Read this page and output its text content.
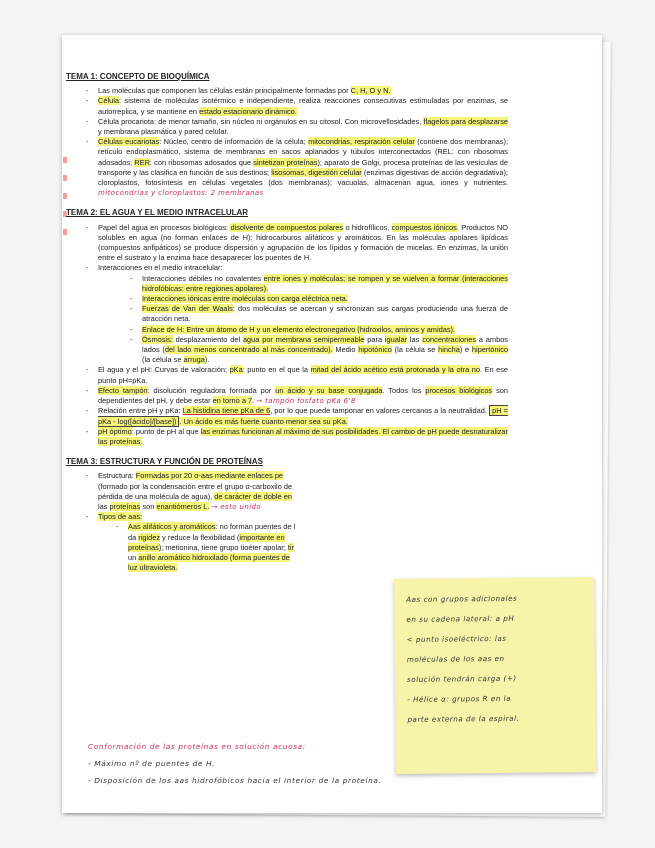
TEMA 1: CONCEPTO DE BIOQUÍMICA
- Las moléculas que componen las células están principalmente formadas por C, H, O y N.
- Célula: sistema de moléculas isotérmico e independiente, realiza reacciones consecutivas estimuladas por enzimas, se autorreplica, y se mantiene en estado estacionario dinámico.
- Célula procariota: de menor tamaño, sin núcleo ni orgánulos en su citosol. Con microvellosidades, flagelos para desplazarse y membrana plasmática y pared celular.
- Células eucariotas: Núcleo, centro de información de la célula; mitocondrias, respiración celular (contiene dos membranas); retículo endoplasmático, sistema de membranas en sacos aplanados y túbulos interconectados (REL: con ribosomas adosados; RER: con ribosomas adosados que sintetizan proteínas); aparato de Golgi, procesa proteínas de las vesículas de transporte y las clasifica en función de sus destinos; lisosomas, digestión celular (enzimas digestivas de acción degradativa); cloroplastos, fotosíntesis en células vegetales (dos membranas); vacuolas, almacenan agua, iones y nutrientes. mitocondrias y cloroplastos: 2 membranas
TEMA 2: EL AGUA Y EL MEDIO INTRACELULAR
- Papel del agua en procesos biológicos: disolvente de compuestos polares o hidrofílicos, compuestos iónicos. Productos NO solubles en agua (no forman enlaces de H): hidrocarburos alifáticos y aromáticos. En las moléculas apolares lipídicas (compuestos anfipáticos) se produce dispersión y agrupación de los lípidos y formación de micelas. En enzimas, la unión entre el sustrato y la enzima hace desaparecer los puentes de H.
- Interacciones en el medio intracelular:
- Interacciones débiles no covalentes entre iones y moléculas; se rompen y se vuelven a formar (interacciones hidrofóbicas: entre regiones apolares).
- Interacciones iónicas entre moléculas con carga eléctrica neta.
- Fuerzas de Van der Waals: dos moléculas se acercan y sincronizan sus cargas produciendo una fuerza de atracción neta.
- Enlace de H: Entre un átomo de H y un elemento electronegativo (hidroxilos, aminos y amidas).
- Ósmosis: desplazamiento del agua por membrana semipermeable para igualar las concentraciones a ambos lados (del lado menos concentrado al más concentrado). Medio hipotónico (la célula se hincha) e hipertónico (la célula se arruga).
- El agua y el pH: Curvas de valoración; pKa: punto en el que la mitad del ácido acético está protonada y la otra no. En ese punto pH=pKa.
- Efecto tampón: disolución reguladora formada por un ácido y su base conjugada. Todos los procesos biológicos son dependientes del pH, y debe estar en torno a 7. → tampón fosfato pKa 6'8
- Relación entre pH y pKa: La histidina tiene pKa de 6, por lo que puede tamponar en valores cercanos a la neutralidad. pH = pKa - log([ácido]/[base]) . Un ácido es más fuerte cuanto menor sea su pKa.
- pH óptimo: punto de pH al que las enzimas funcionan al máximo de sus posibilidades. El cambio de pH puede desnaturalizar las proteínas.
TEMA 3: ESTRUCTURA Y FUNCIÓN DE PROTEÍNAS
- Estructura: Formadas por 20 α-aas mediante enlaces pe
(formado por la condensación entre el grupo α-carboxilo de
pérdida de una molécula de agua), de carácter de doble en
las proteínas son enantiómeros L. → esto unido
- Tipos de aas:
- Aas alifáticos y aromáticos: no forman puentes de l
da rigidez y reduce la flexibilidad (importante en
proteínas); metionina, tiene grupo tioéter apolar; tir
un anillo aromático hidroxilado (forma puentes de
luz ultravioleta.

Aas con grupos adicionales

en su cadena lateral: a pH

< punto isoeléctrico: las

moléculas de los aas en

solución tendrán carga (+)

- Hélice α: grupos R en la

parte externa de la espiral.

Conformación de las proteínas en solución acuosa:

- Máximo nº de puentes de H.

- Disposición de los aas hidrofóbicos hacia el interior de la proteína.
